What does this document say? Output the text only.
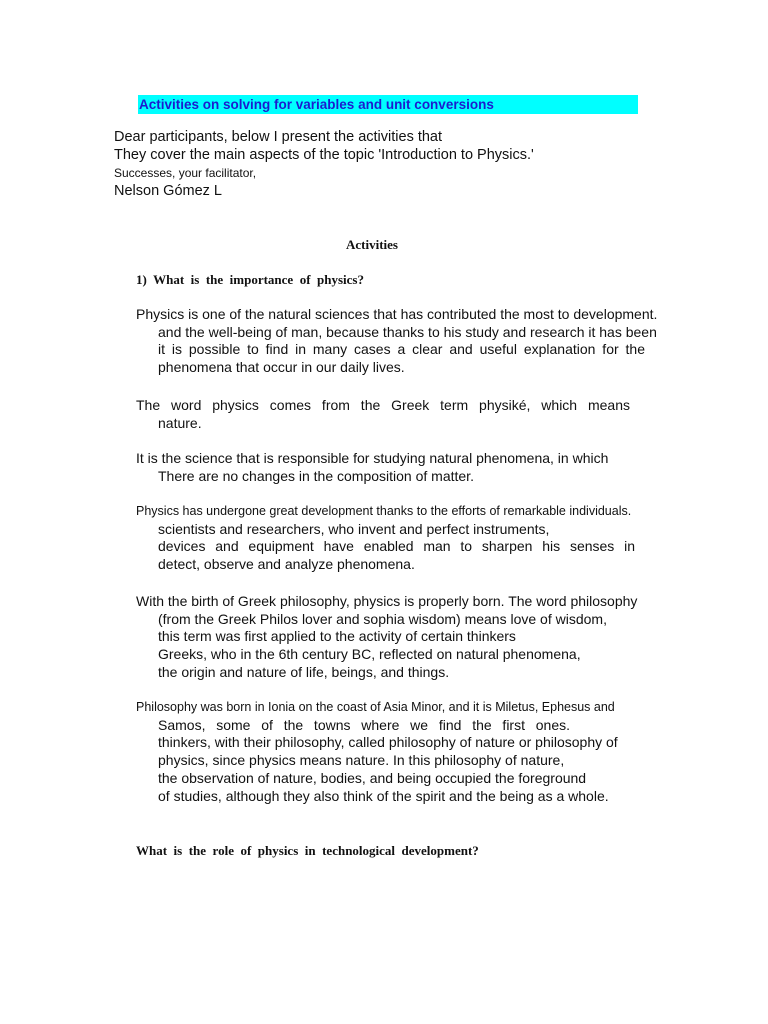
Activities on solving for variables and unit conversions
Dear participants, below I present the activities that
They cover the main aspects of the topic 'Introduction to Physics.'
Successes, your facilitator,
Nelson Gómez L
Activities
1)  What  is  the  importance  of  physics?
Physics is one of the natural sciences that has contributed the most to development.
and the well-being of man, because thanks to his study and research it has been
it is possible to find in many cases a clear and useful explanation for the
phenomena that occur in our daily lives.
The word physics comes from the Greek term physiké, which means
nature.
It is the science that is responsible for studying natural phenomena, in which
There are no changes in the composition of matter.
Physics has undergone great development thanks to the efforts of remarkable individuals.
scientists and researchers, who invent and perfect instruments,
devices and equipment have enabled man to sharpen his senses in
detect, observe and analyze phenomena.
With the birth of Greek philosophy, physics is properly born. The word philosophy
(from the Greek Philos lover and sophia wisdom) means love of wisdom,
this term was first applied to the activity of certain thinkers
Greeks, who in the 6th century BC, reflected on natural phenomena,
the origin and nature of life, beings, and things.
Philosophy was born in Ionia on the coast of Asia Minor, and it is Miletus, Ephesus and
Samos,  some  of  the  towns  where  we  find  the  first  ones.
thinkers, with their philosophy, called philosophy of nature or philosophy of
physics, since physics means nature. In this philosophy of nature,
the observation of nature, bodies, and being occupied the foreground
of studies, although they also think of the spirit and the being as a whole.
What  is  the  role  of  physics  in  technological  development?
